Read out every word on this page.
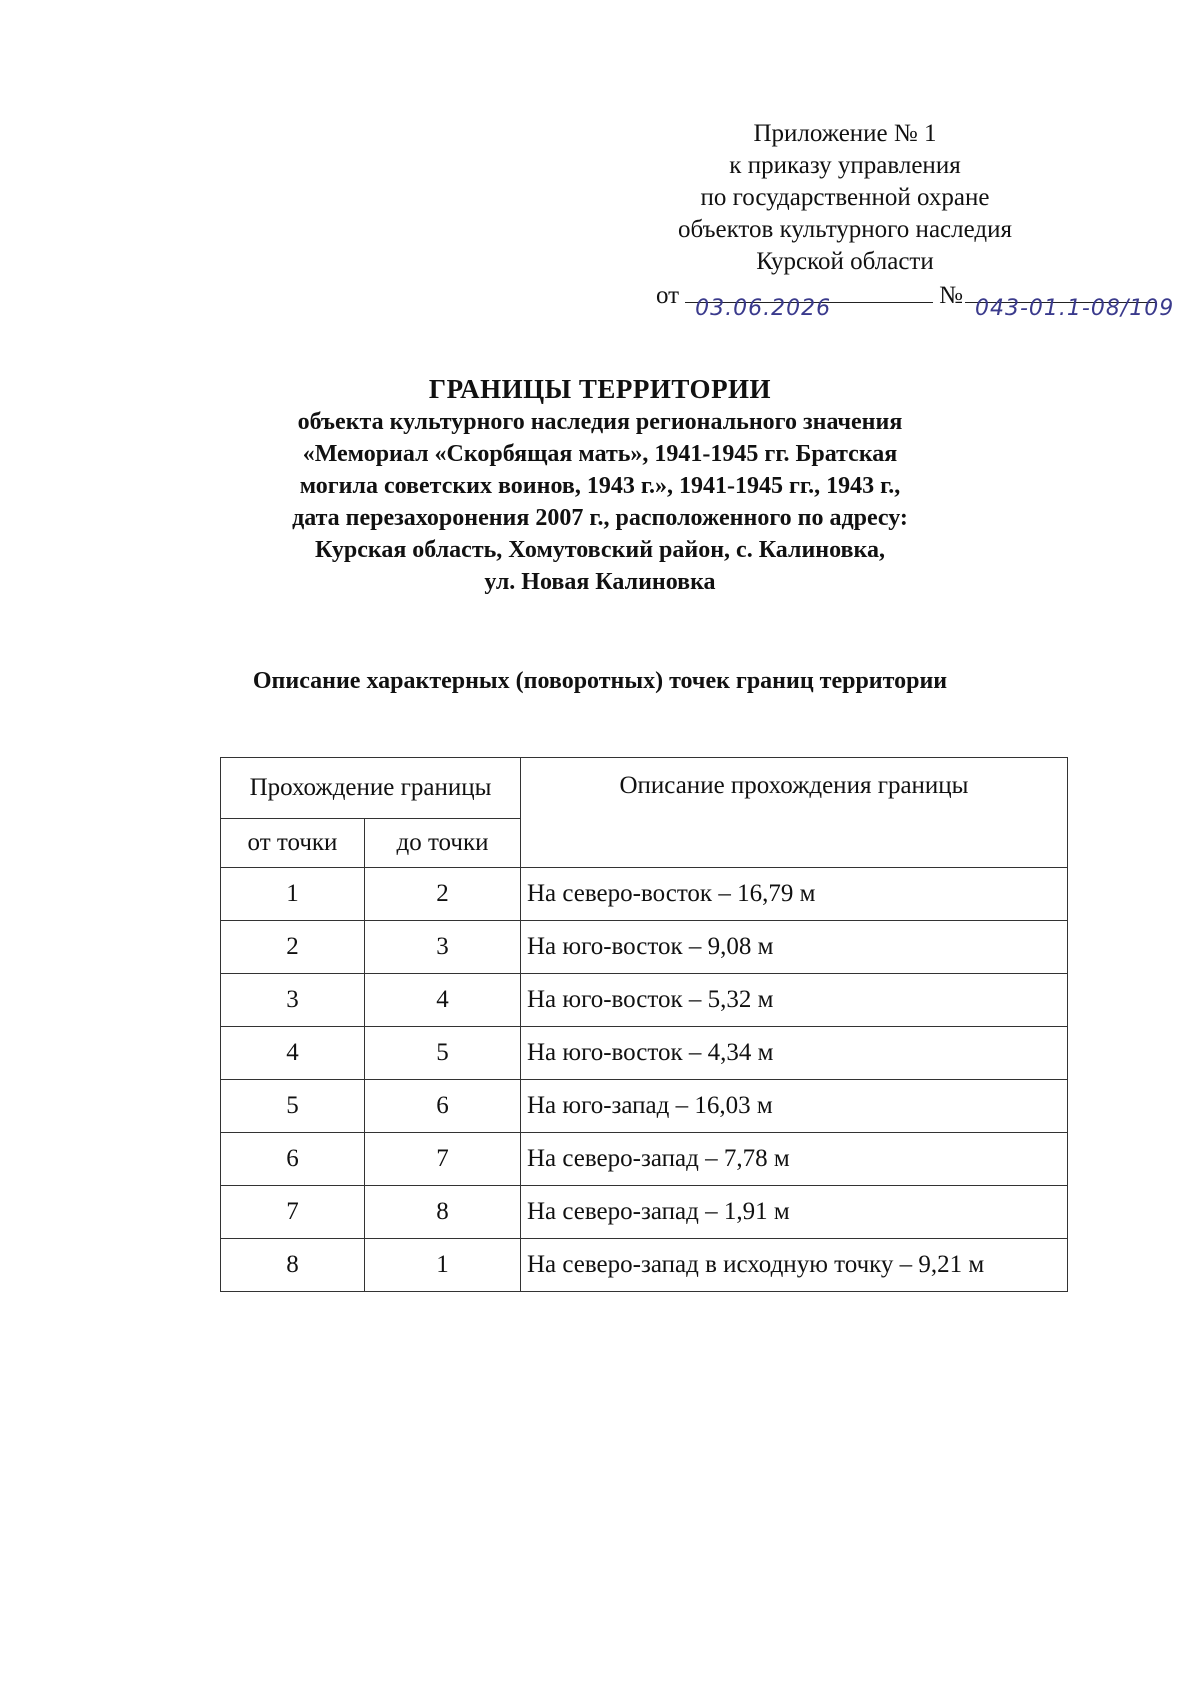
Приложение № 1
к приказу управления
по государственной охране
объектов культурного наследия
Курской области
от 03.06.2026	№ 043-01.1-08/109
ГРАНИЦЫ ТЕРРИТОРИИ
объекта культурного наследия регионального значения
«Мемориал «Скорбящая мать», 1941-1945 гг. Братская
могила советских воинов, 1943 г.», 1941-1945 гг., 1943 г.,
дата перезахоронения 2007 г., расположенного по адресу:
Курская область, Хомутовский район, с. Калиновка,
ул. Новая Калиновка
Описание характерных (поворотных) точек границ территории
Прохождение границы		Описание прохождения границы
от точки	до точки	
1	2	На северо-восток – 16,79 м
2	3	На юго-восток – 9,08 м
3	4	На юго-восток – 5,32 м
4	5	На юго-восток – 4,34 м
5	6	На юго-запад – 16,03 м
6	7	На северо-запад – 7,78 м
7	8	На северо-запад – 1,91 м
8	1	На северо-запад в исходную точку – 9,21 м
